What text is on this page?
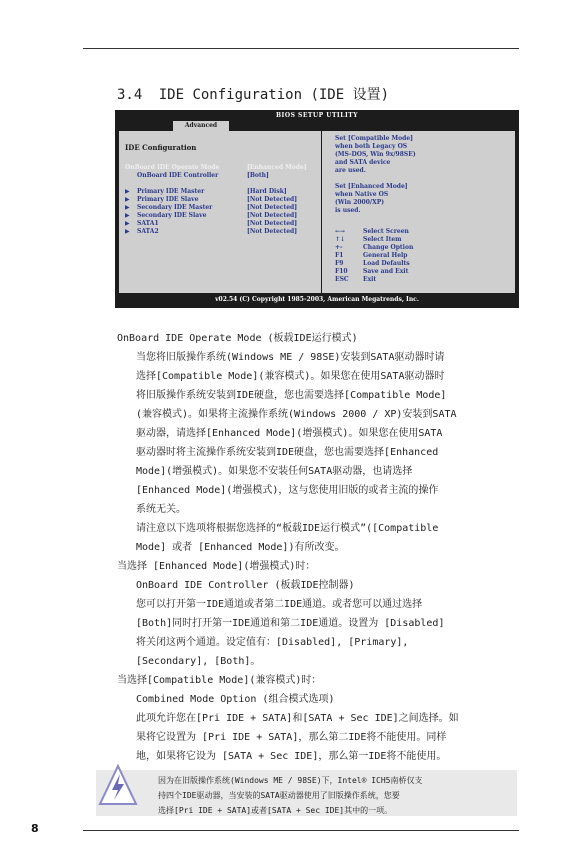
3.4 IDE Configuration (IDE 设置)
BIOS SETUP UTILITY
Advanced
IDE Configuration
OnBoard IDE Operate Mode	[Enhanced Mode]
OnBoard IDE Controller	[Both]
▶ Primary IDE Master	[Hard Disk]
▶ Primary IDE Slave	[Not Detected]
▶ Secondary IDE Master	[Not Detected]
▶ Secondary IDE Slave	[Not Detected]
▶ SATA1	[Not Detected]
▶ SATA2	[Not Detected]
Set [Compatible Mode]
when both Legacy OS
(MS-DOS, Win 9x/98SE)
and SATA device
are used.
Set [Enhanced Mode]
when Native OS
(Win 2000/XP)
is used.
←→	Select Screen
↑↓	Select Item
+-	Change Option
F1	General Help
F9	Load Defaults
F10	Save and Exit
ESC Exit
v02.54 (C) Copyright 1985-2003, American Megatrends, Inc.
OnBoard IDE Operate Mode (板载IDE运行模式)
当您将旧版操作系统(Windows ME / 98SE)安装到SATA驱动器时请
选择[Compatible Mode](兼容模式)。如果您在使用SATA驱动器时
将旧版操作系统安装到IDE硬盘，您也需要选择[Compatible Mode]
(兼容模式)。如果将主流操作系统(Windows 2000 / XP)安装到SATA
驱动器，请选择[Enhanced Mode](增强模式)。如果您在使用SATA
驱动器时将主流操作系统安装到IDE硬盘，您也需要选择[Enhanced
Mode](增强模式)。如果您不安装任何SATA驱动器，也请选择
[Enhanced Mode](增强模式)，这与您使用旧版的或者主流的操作
系统无关。
请注意以下选项将根据您选择的“板载IDE运行模式”([Compatible
Mode] 或者 [Enhanced Mode])有所改变。
当选择 [Enhanced Mode](增强模式)时：
OnBoard IDE Controller (板载IDE控制器)
您可以打开第一IDE通道或者第二IDE通道。或者您可以通过选择
[Both]同时打开第一IDE通道和第二IDE通道。设置为 [Disabled]
将关闭这两个通道。设定值有：[Disabled], [Primary],
[Secondary], [Both]。
当选择[Compatible Mode](兼容模式)时：
Combined Mode Option (组合模式选项)
此项允许您在[Pri IDE + SATA]和[SATA + Sec IDE]之间选择。如
果将它设置为 [Pri IDE + SATA]，那么第二IDE将不能使用。同样
地，如果将它设为 [SATA + Sec IDE]，那么第一IDE将不能使用。
因为在旧版操作系统(Windows ME / 98SE)下，Intel® ICH5南桥仅支
持四个IDE驱动器，当安装的SATA驱动器使用了旧版操作系统，您要
选择[Pri IDE + SATA]或者[SATA + Sec IDE]其中的一项。
8
